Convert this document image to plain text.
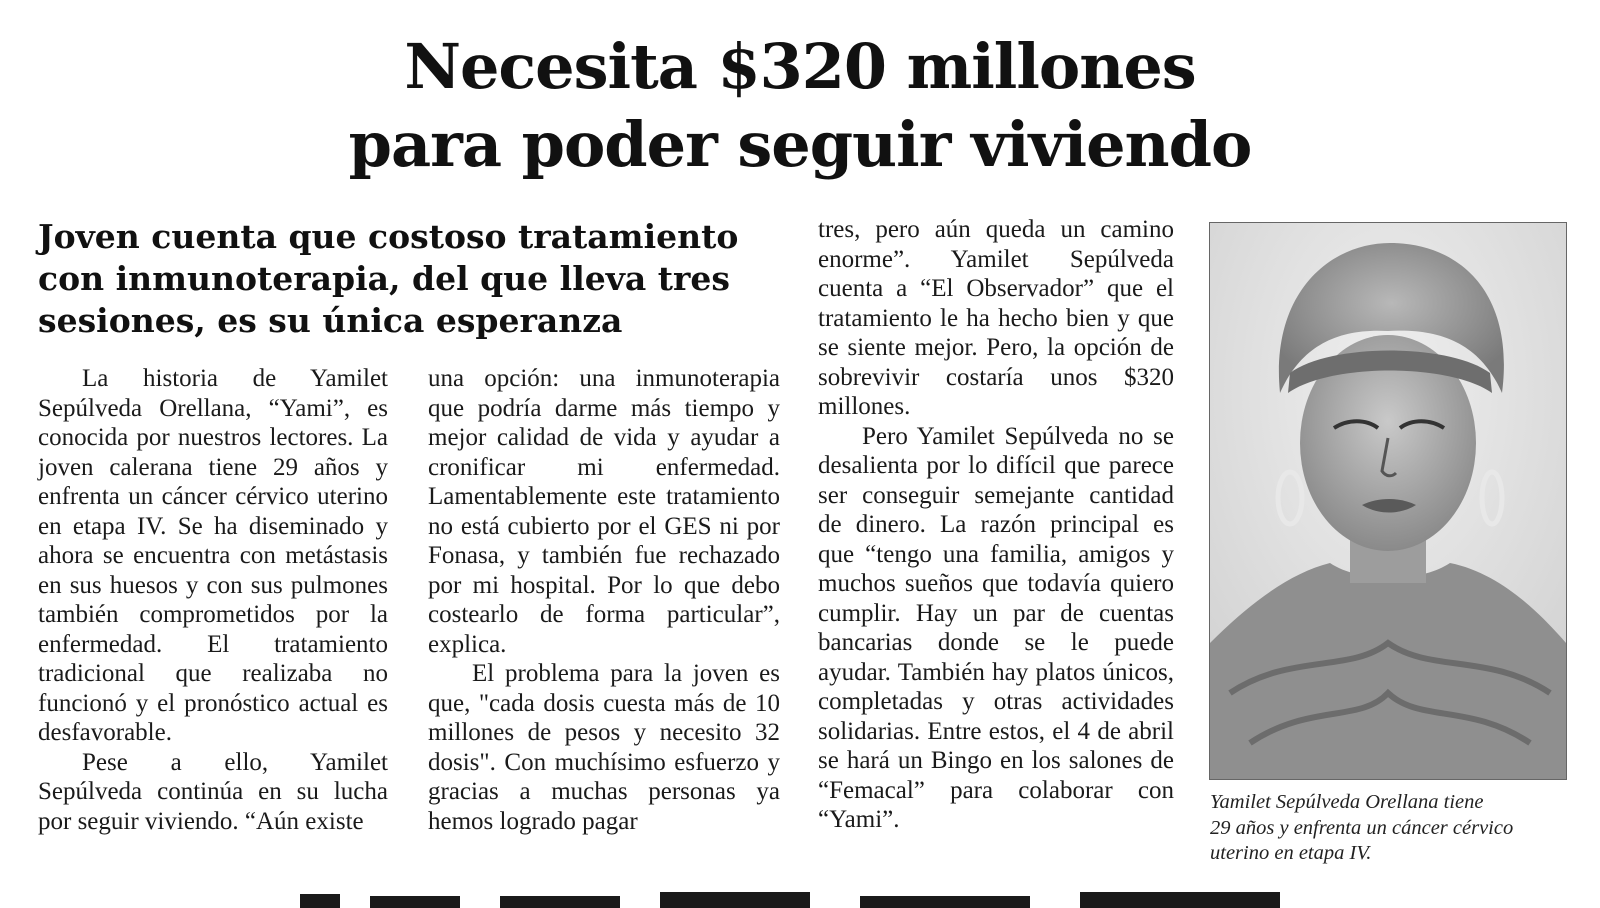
Necesita $320 millones
para poder seguir viviendo
Joven cuenta que costoso tratamiento
con inmunoterapia, del que lleva tres
sesiones, es su única esperanza

La historia de Yamilet Sepúlveda Orellana, “Yami”, es conocida por nuestros lectores. La joven calerana tiene 29 años y enfrenta un cáncer cérvico uterino en etapa IV. Se ha diseminado y ahora se encuentra con metástasis en sus huesos y con sus pulmones también comprometidos por la enfermedad. El tratamiento tradicional que realizaba no funcionó y el pronóstico actual es desfavorable.

Pese a ello, Yamilet Sepúlveda continúa en su lucha por seguir viviendo. “Aún existe

una opción: una inmunoterapia que podría darme más tiempo y mejor calidad de vida y ayudar a cronificar mi enfermedad. Lamentablemente este tratamiento no está cubierto por el GES ni por Fonasa, y también fue rechazado por mi hospital. Por lo que debo costearlo de forma particular”, explica.

El problema para la joven es que, "cada dosis cuesta más de 10 millones de pesos y necesito 32 dosis". Con muchísimo esfuerzo y gracias a muchas personas ya hemos logrado pagar

tres, pero aún queda un camino enorme”. Yamilet Sepúlveda cuenta a “El Observador” que el tratamiento le ha hecho bien y que se siente mejor. Pero, la opción de sobrevivir costaría unos $320 millones.

Pero Yamilet Sepúlveda no se desalienta por lo difícil que parece ser conseguir semejante cantidad de dinero. La razón principal es que “tengo una familia, amigos y muchos sueños que todavía quiero cumplir. Hay un par de cuentas bancarias donde se le puede ayudar. También hay platos únicos, completadas y otras actividades solidarias. Entre estos, el 4 de abril se hará un Bingo en los salones de “Femacal” para colaborar con “Yami”.

Yamilet Sepúlveda Orellana tiene
29 años y enfrenta un cáncer cérvico
uterino en etapa IV.
